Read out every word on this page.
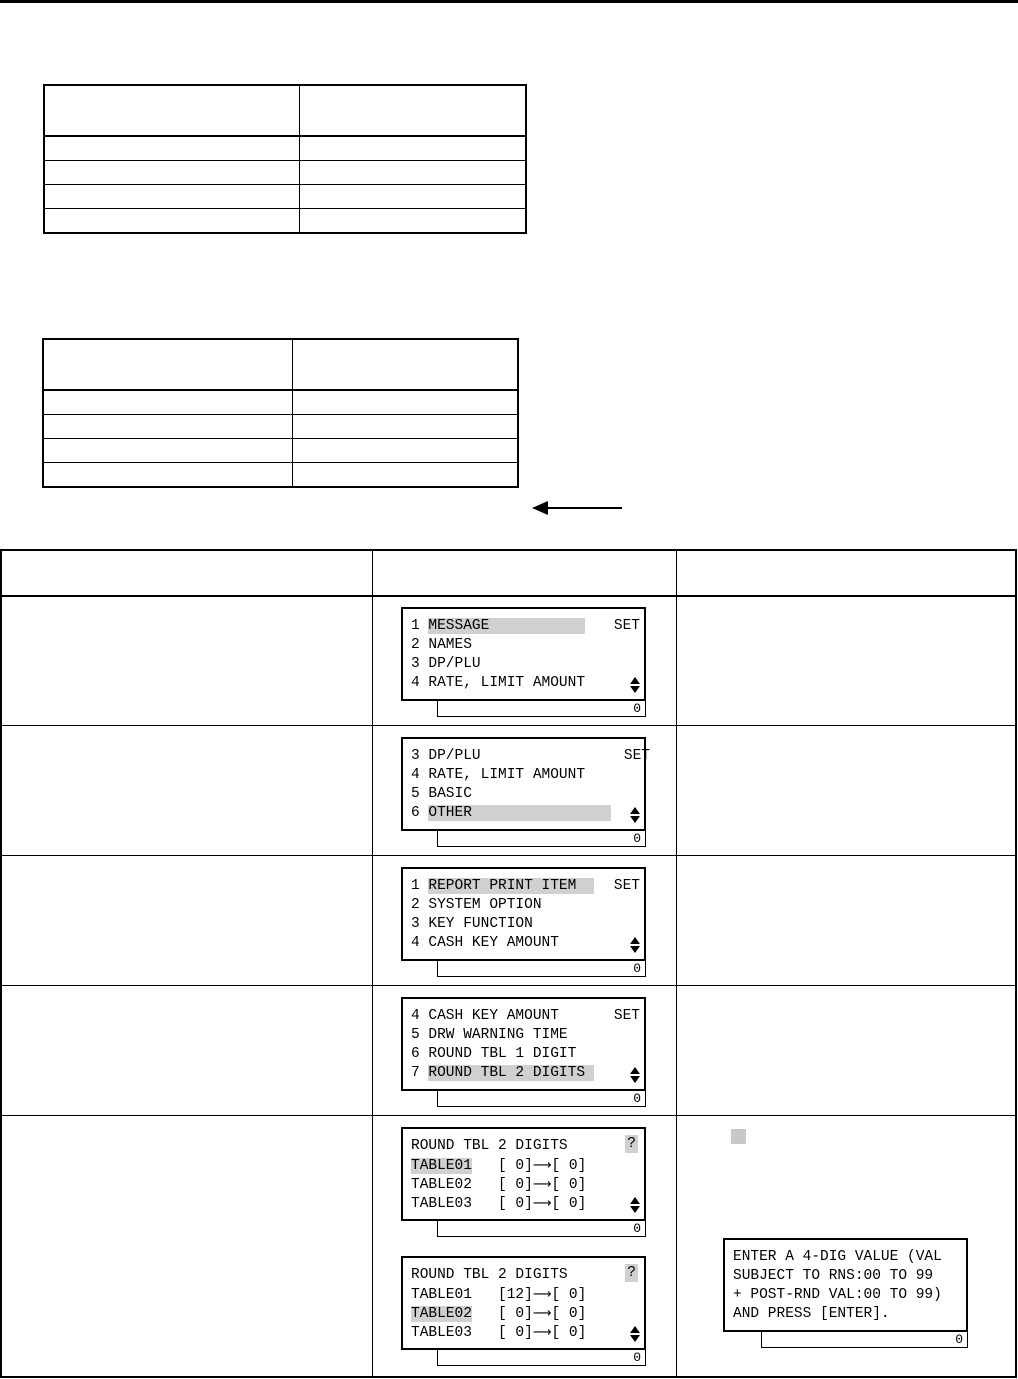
1 MESSAGE SET
2 NAMES
3 DP/PLU
4 RATE, LIMIT AMOUNT
0
3 DP/PLU	SET
4 RATE, LIMIT AMOUNT
5 BASIC
6 OTHER
0
1 REPORT PRINT ITEM SET
2 SYSTEM OPTION
3 KEY FUNCTION
4 CASH KEY AMOUNT
0
4 CASH KEY AMOUNT	SET
5 DRW WARNING TIME
6 ROUND TBL 1 DIGIT
7 ROUND TBL 2 DIGITS
0
ROUND TBL 2 DIGITS	?
TABLE01 [ 0]⟶[ 0]
TABLE02 [ 0]⟶[ 0]
TABLE03 [ 0]⟶[ 0]
0
ROUND TBL 2 DIGITS	?
TABLE01 [12]⟶[ 0]
TABLE02 [ 0]⟶[ 0]
TABLE03 [ 0]⟶[ 0]
0
ENTER A 4-DIG VALUE (VAL
SUBJECT TO RNS:00 TO 99
+ POST-RND VAL:00 TO 99)
AND PRESS [ENTER].
0
